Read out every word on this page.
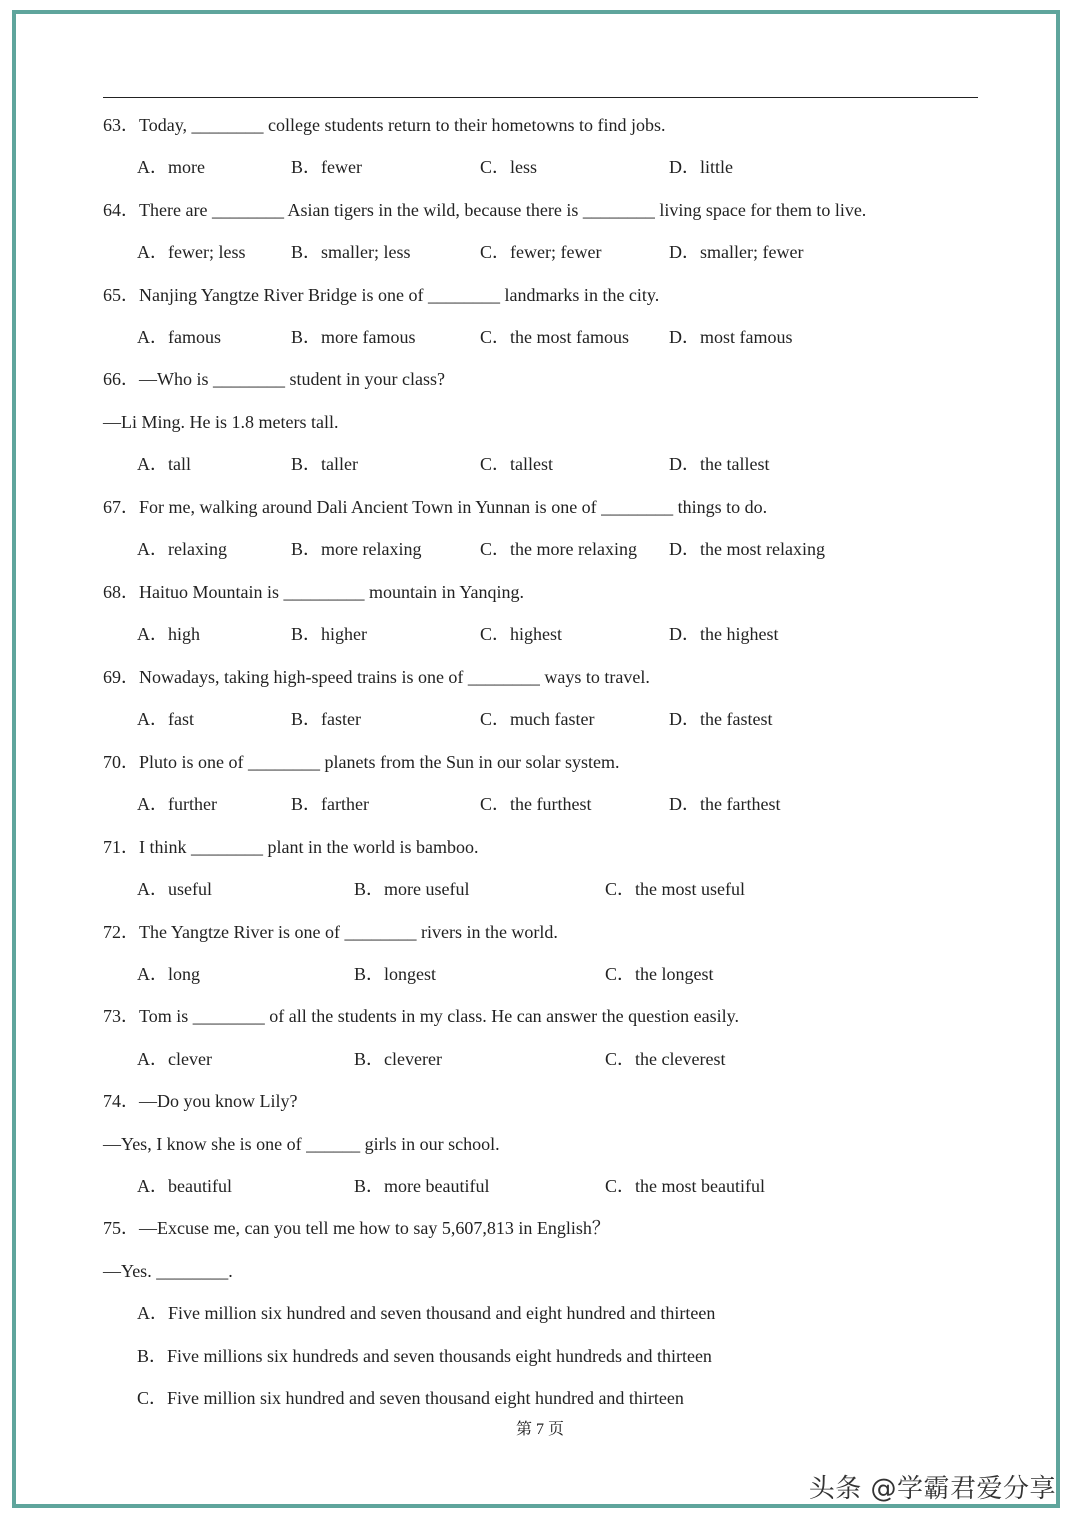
63．Today, ________ college students return to their hometowns to find jobs.
A．more	B．fewer	C．less	D．little
64．There are ________ Asian tigers in the wild, because there is ________ living space for them to live.
A．fewer; less	B．smaller; less	C．fewer; fewer	D．smaller; fewer
65．Nanjing Yangtze River Bridge is one of ________ landmarks in the city.
A．famous	B．more famous	C．the most famous D．most famous
66．—Who is ________ student in your class?
—Li Ming. He is 1.8 meters tall.
A．tall	B．taller	C．tallest	D．the tallest
67．For me, walking around Dali Ancient Town in Yunnan is one of ________ things to do.
A．relaxing	B．more relaxing	C．the more relaxing D．the most relaxing
68．Haituo Mountain is _________ mountain in Yanqing.
A．high	B．higher	C．highest	D．the highest
69．Nowadays, taking high-speed trains is one of ________ ways to travel.
A．fast	B．faster	C．much faster	D．the fastest
70．Pluto is one of ________ planets from the Sun in our solar system.
A．further	B．farther	C．the furthest	D．the farthest
71．I think ________ plant in the world is bamboo.
A．useful	B．more useful	C．the most useful
72．The Yangtze River is one of ________ rivers in the world.
A．long	B．longest	C．the longest
73．Tom is ________ of all the students in my class. He can answer the question easily.
A．clever	B．cleverer	C．the cleverest
74．—Do you know Lily?
—Yes, I know she is one of ______ girls in our school.
A．beautiful	B．more beautiful	C．the most beautiful
75．—Excuse me, can you tell me how to say 5,607,813 in English？
—Yes. ________.
A．Five million six hundred and seven thousand and eight hundred and thirteen
B．Five millions six hundreds and seven thousands eight hundreds and thirteen
C．Five million six hundred and seven thousand eight hundred and thirteen
第 7 页
头条 @学霸君爱分享
